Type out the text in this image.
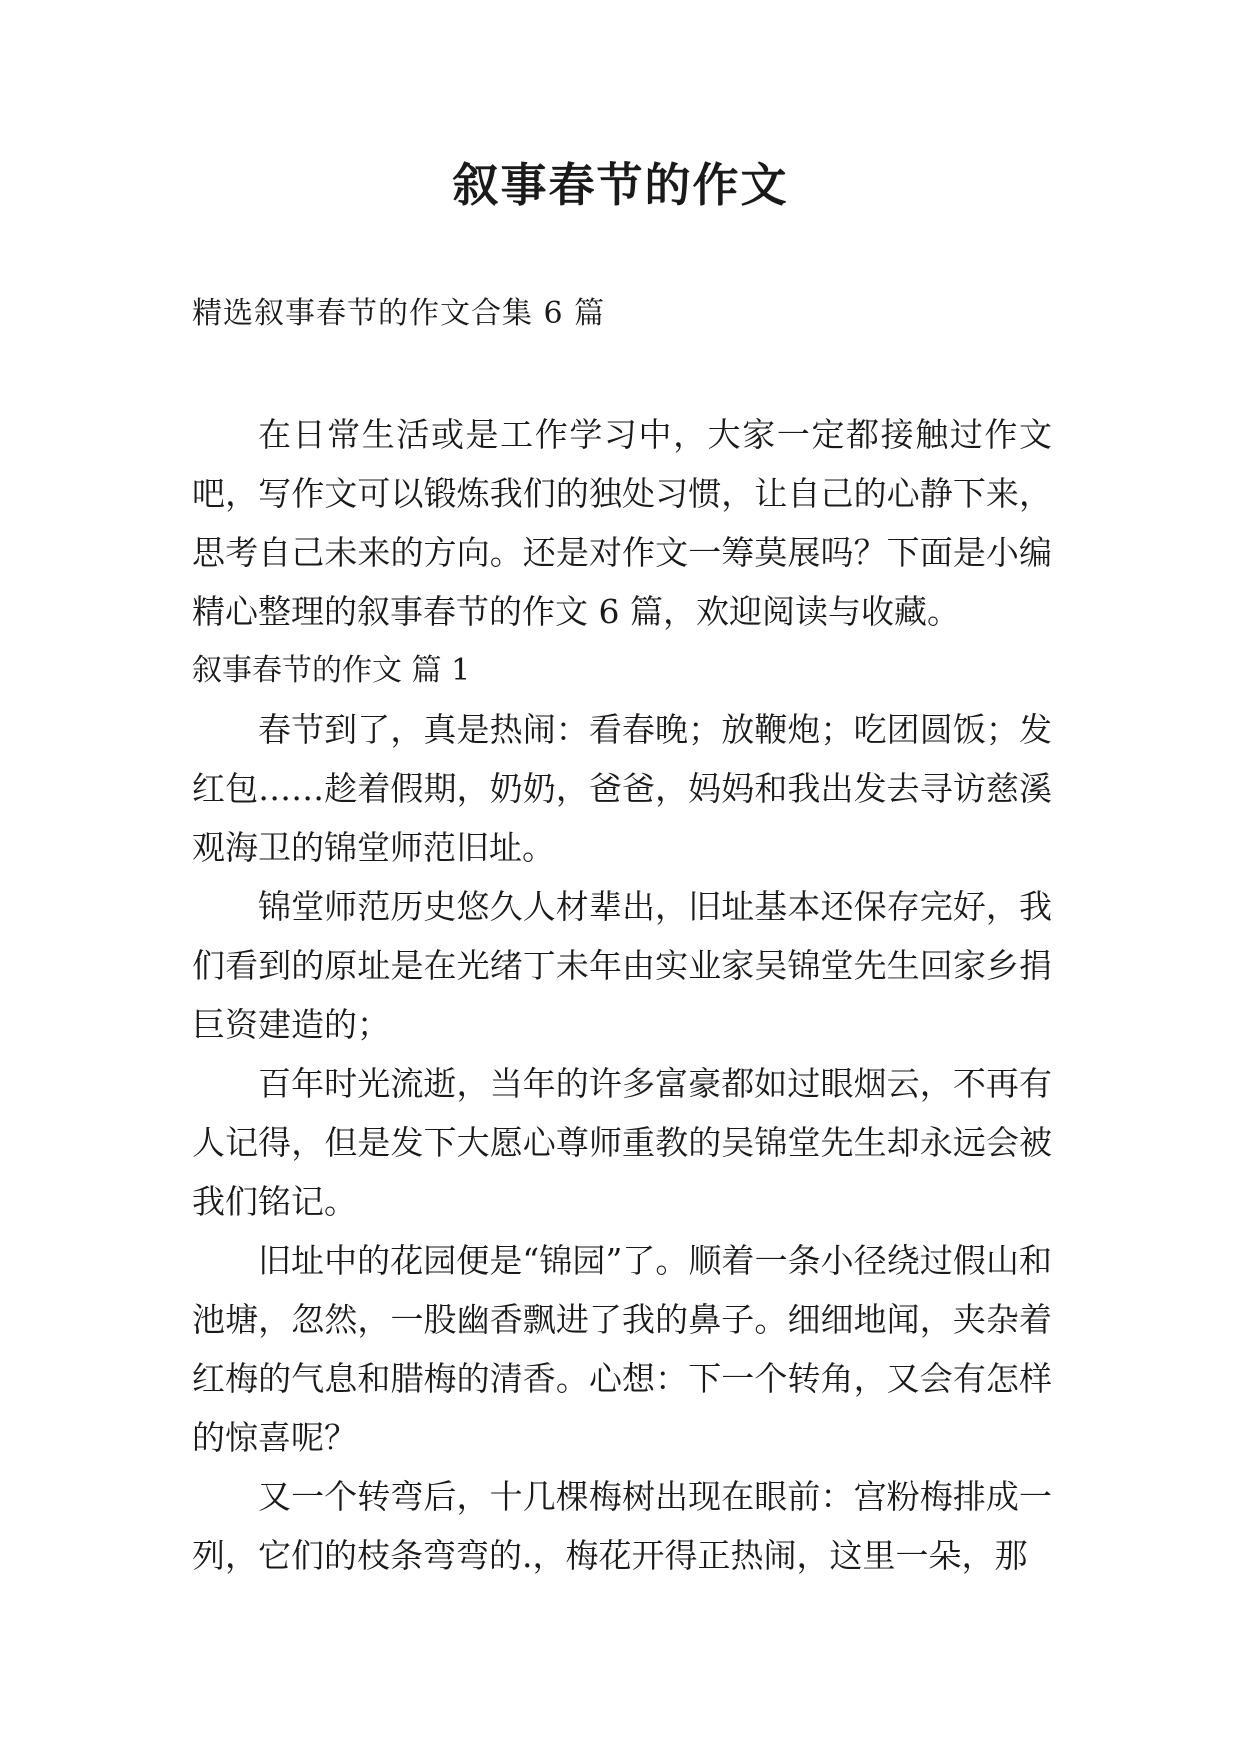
叙事春节的作文
精选叙事春节的作文合集 6 篇

在日常生活或是工作学习中，大家一定都接触过作文吧，写作文可以锻炼我们的独处习惯，让自己的心静下来，思考自己未来的方向。还是对作文一筹莫展吗？下面是小编精心整理的叙事春节的作文 6 篇，欢迎阅读与收藏。

叙事春节的作文 篇 1

春节到了，真是热闹：看春晚；放鞭炮；吃团圆饭；发红包……趁着假期，奶奶，爸爸，妈妈和我出发去寻访慈溪观海卫的锦堂师范旧址。

锦堂师范历史悠久人材辈出，旧址基本还保存完好，我们看到的原址是在光绪丁未年由实业家吴锦堂先生回家乡捐巨资建造的；

百年时光流逝，当年的许多富豪都如过眼烟云，不再有人记得，但是发下大愿心尊师重教的吴锦堂先生却永远会被我们铭记。

旧址中的花园便是“锦园”了。顺着一条小径绕过假山和池塘，忽然，一股幽香飘进了我的鼻子。细细地闻，夹杂着红梅的气息和腊梅的清香。心想：下一个转角，又会有怎样的惊喜呢？

又一个转弯后，十几棵梅树出现在眼前：宫粉梅排成一列，它们的枝条弯弯的.，梅花开得正热闹，这里一朵，那
